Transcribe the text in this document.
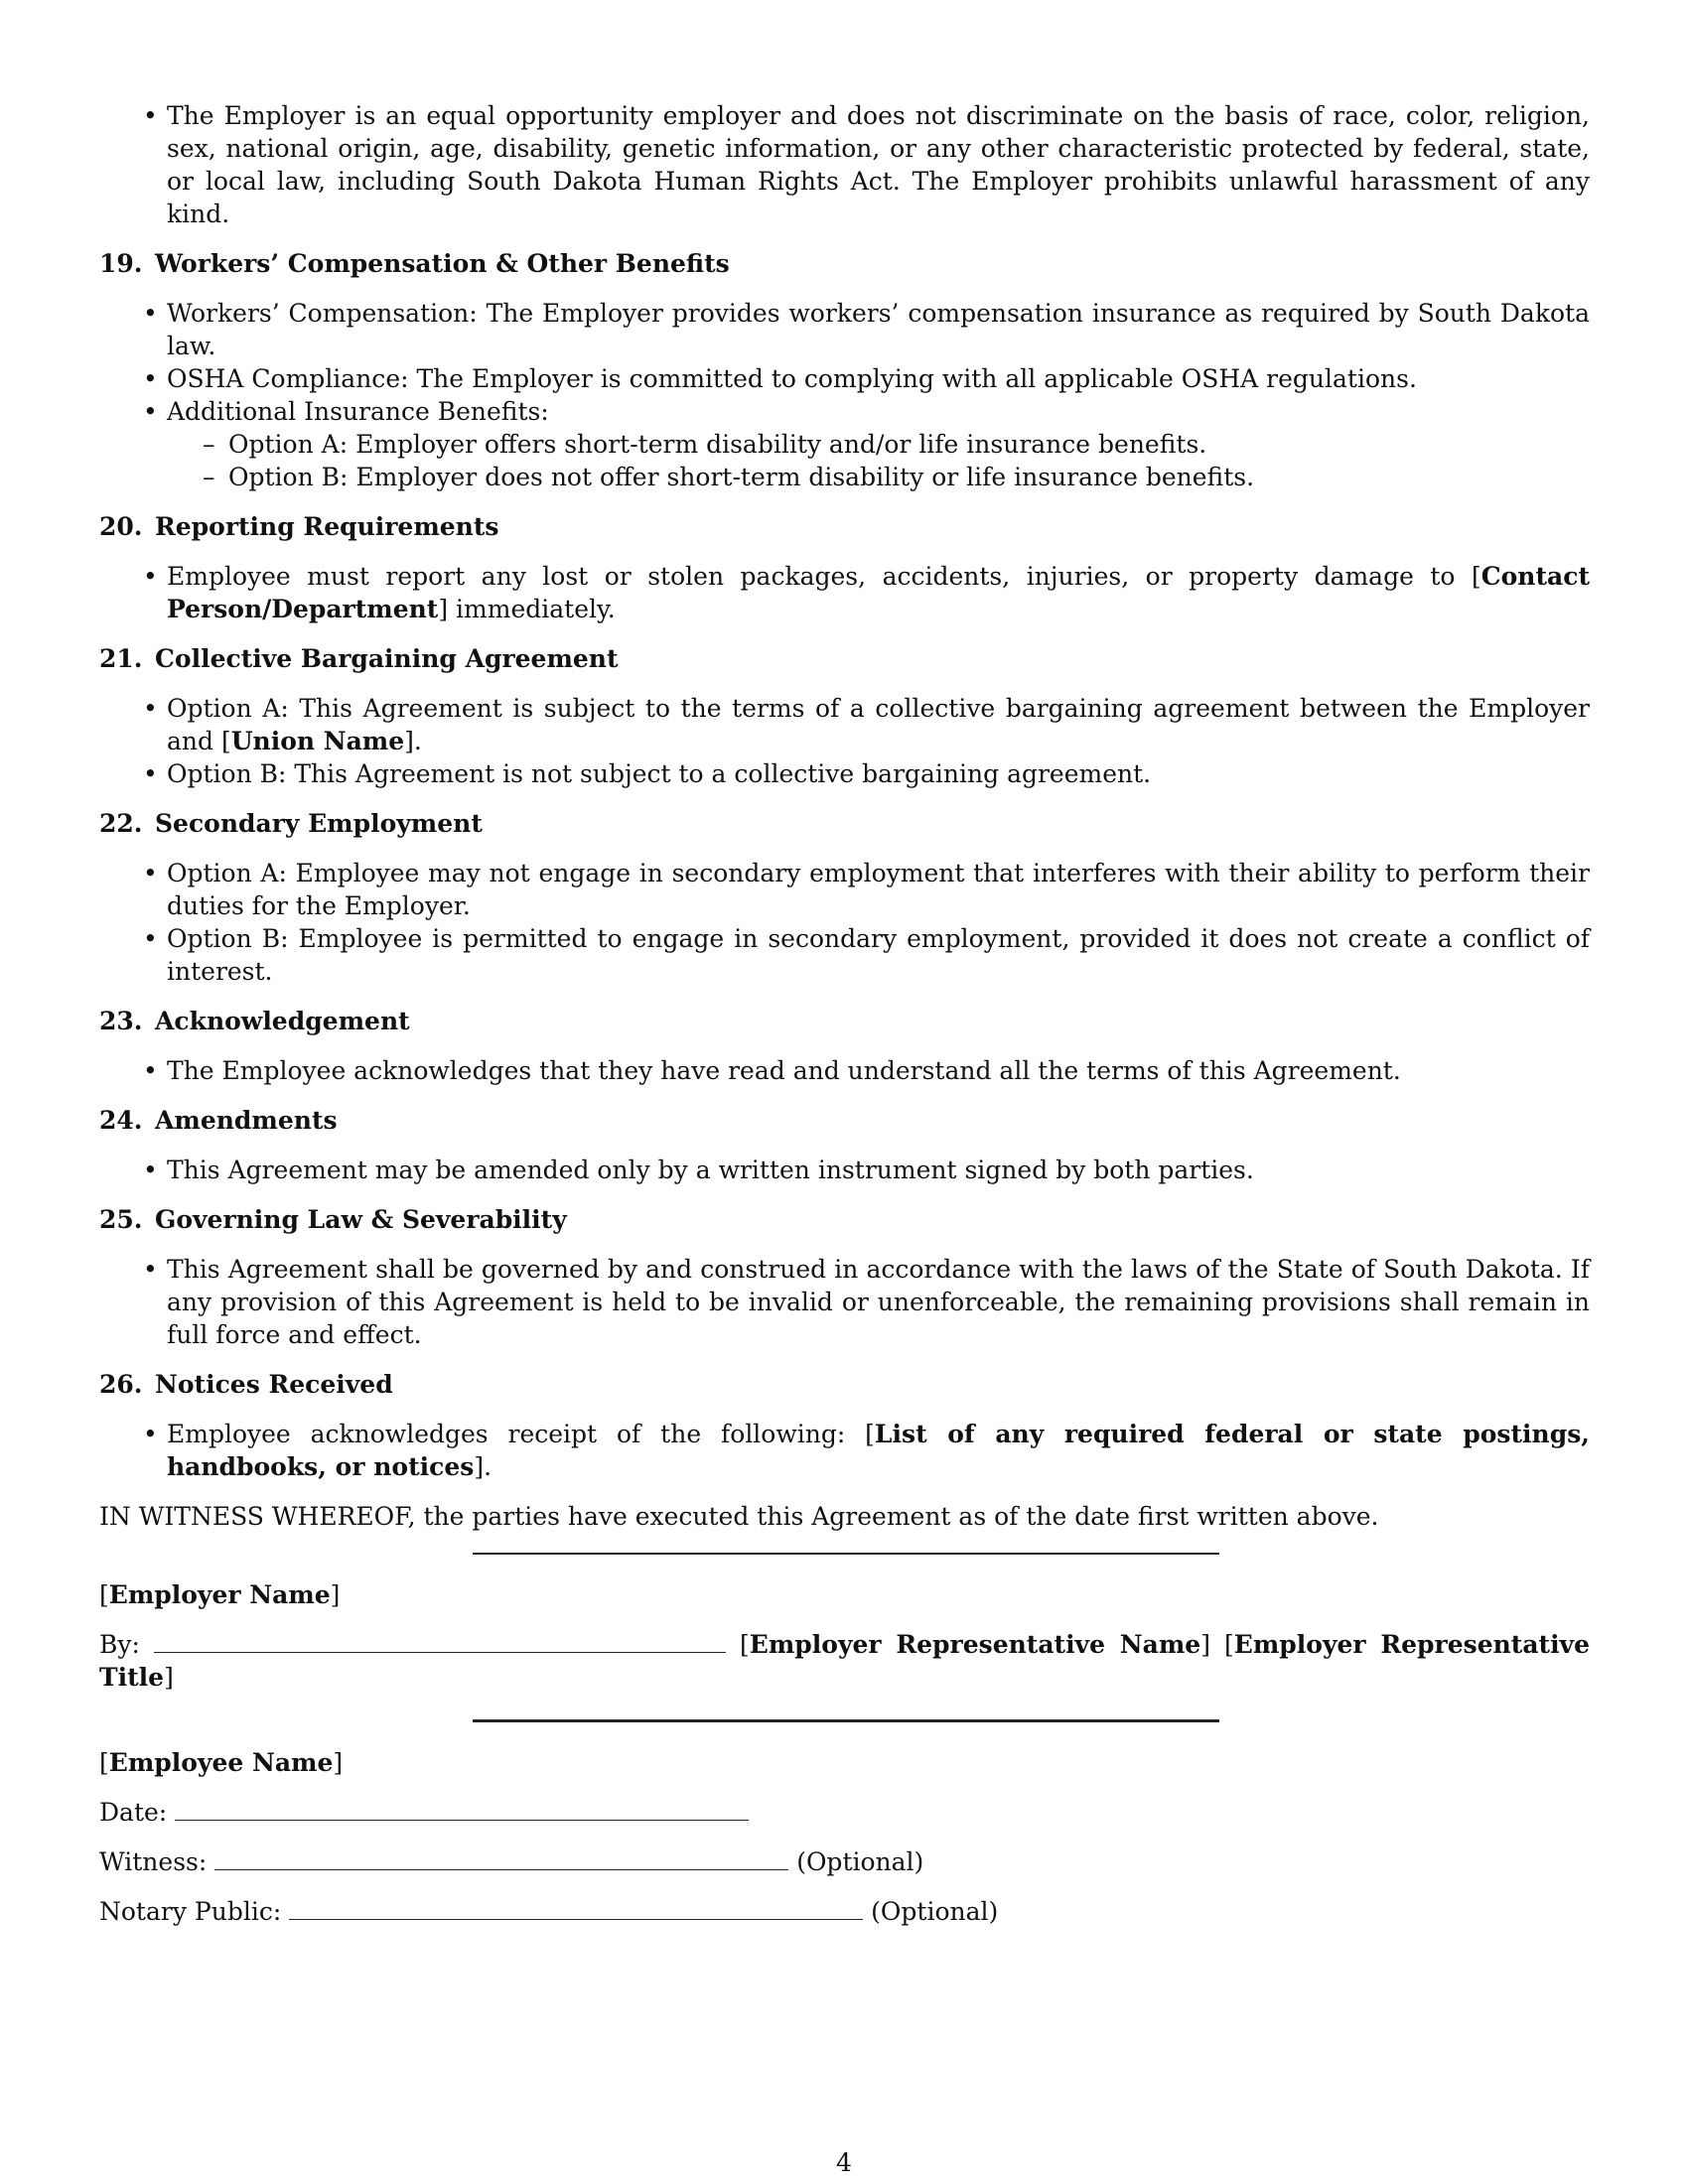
• The Employer is an equal opportunity employer and does not discriminate on the basis of race, color, religion, sex, national origin, age, disability, genetic information, or any other characteristic protected by federal, state, or local law, including South Dakota Human Rights Act. The Employer prohibits unlawful harassment of any kind.
19. Workers’ Compensation & Other Benefits
• Workers’ Compensation: The Employer provides workers’ compensation insurance as required by South Dakota law.
• OSHA Compliance: The Employer is committed to complying with all applicable OSHA regulations.
• Additional Insurance Benefits:
– Option A: Employer offers short-term disability and/or life insurance benefits.
– Option B: Employer does not offer short-term disability or life insurance benefits.
20. Reporting Requirements
• Employee must report any lost or stolen packages, accidents, injuries, or property damage to [Contact Person/Department] immediately.
21. Collective Bargaining Agreement
• Option A: This Agreement is subject to the terms of a collective bargaining agreement between the Employer and [Union Name].
• Option B: This Agreement is not subject to a collective bargaining agreement.
22. Secondary Employment
• Option A: Employee may not engage in secondary employment that interferes with their ability to perform their duties for the Employer.
• Option B: Employee is permitted to engage in secondary employment, provided it does not create a conflict of interest.
23. Acknowledgement
• The Employee acknowledges that they have read and understand all the terms of this Agreement.
24. Amendments
• This Agreement may be amended only by a written instrument signed by both parties.
25. Governing Law & Severability
• This Agreement shall be governed by and construed in accordance with the laws of the State of South Dakota. If any provision of this Agreement is held to be invalid or unenforceable, the remaining provisions shall remain in full force and effect.
26. Notices Received
• Employee acknowledges receipt of the following: [List of any required federal or state postings, handbooks, or notices].
IN WITNESS WHEREOF, the parties have executed this Agreement as of the date first written above.
[Employer Name]
By:	[Employer Representative Name] [Employer Representative Title]
[Employee Name]
Date:
Witness:	(Optional)
Notary Public:	(Optional)
4
